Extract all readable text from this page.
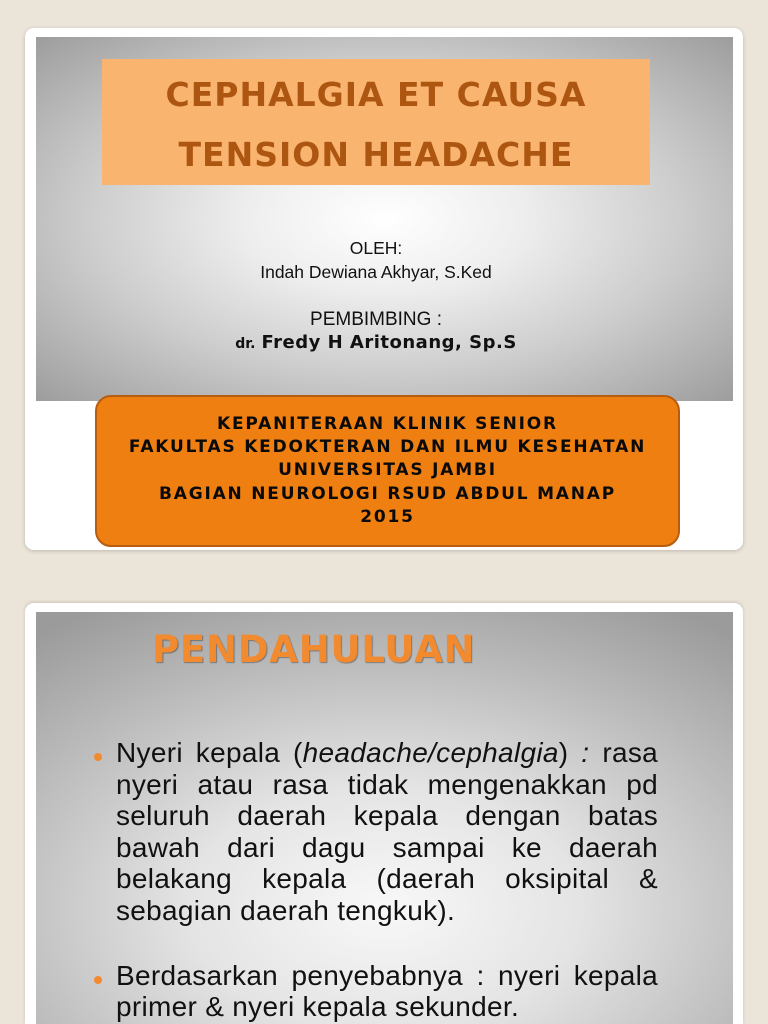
CEPHALGIA ET CAUSA
TENSION HEADACHE
OLEH:
Indah Dewiana Akhyar, S.Ked
PEMBIMBING :
dr. Fredy H Aritonang, Sp.S
KEPANITERAAN KLINIK SENIOR
FAKULTAS KEDOKTERAN DAN ILMU KESEHATAN
UNIVERSITAS JAMBI
BAGIAN NEUROLOGI RSUD ABDUL MANAP
2015
PENDAHULUAN
Nyeri kepala (headache/cephalgia) : rasa nyeri atau rasa tidak mengenakkan pd seluruh daerah kepala dengan batas bawah dari dagu sampai ke daerah belakang kepala (daerah oksipital & sebagian daerah tengkuk).
Berdasarkan penyebabnya : nyeri kepala primer & nyeri kepala sekunder.
